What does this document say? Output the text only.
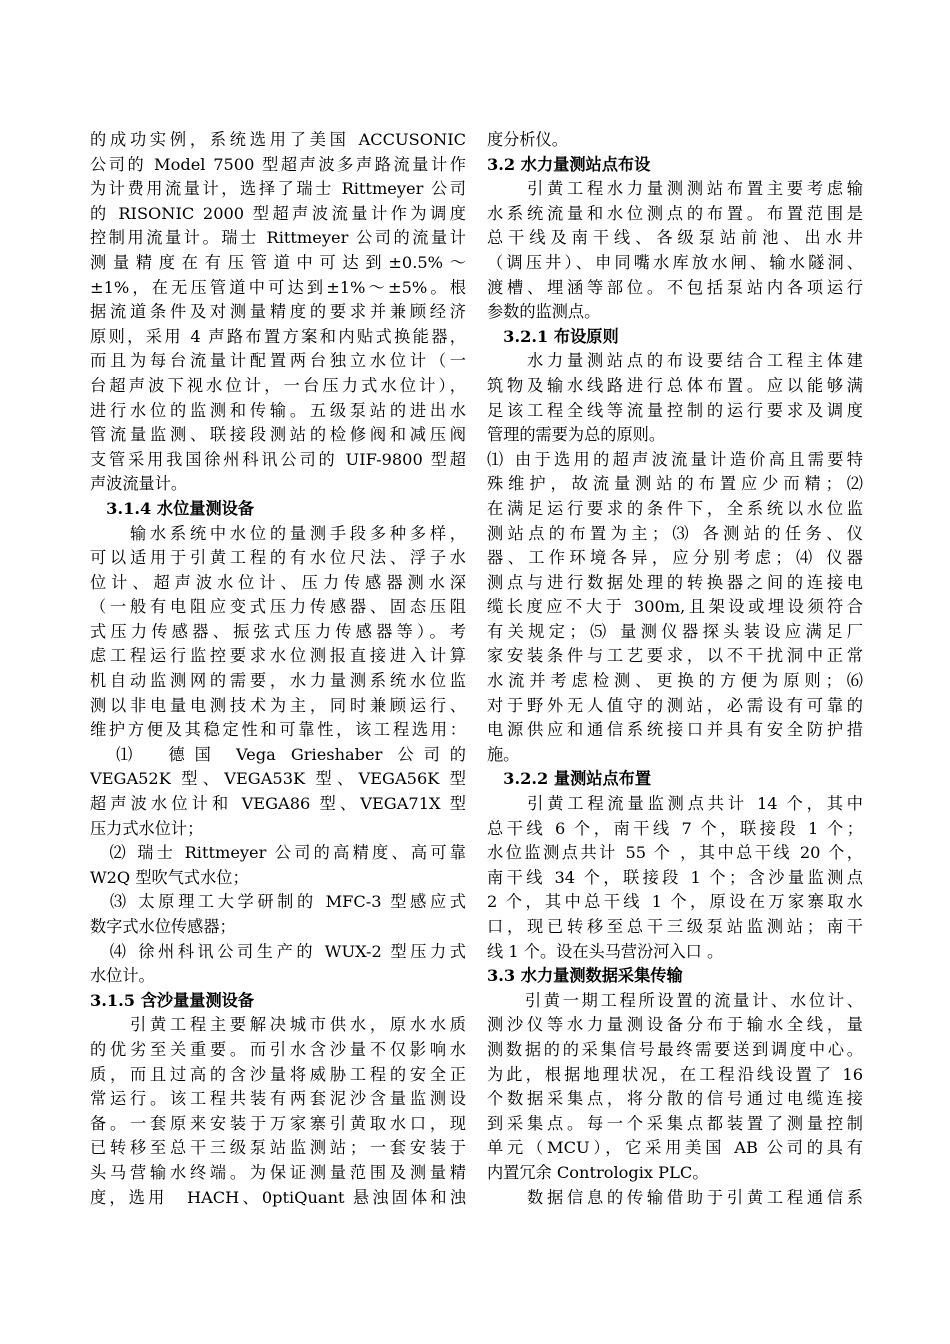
的成功实例，系统选用了美国 ACCUSONIC
公司的 Model 7500 型超声波多声路流量计作
为计费用流量计，选择了瑞士 Rittmeyer 公司
的 RISONIC 2000 型超声波流量计作为调度
控制用流量计。瑞士 Rittmeyer 公司的流量计
测量精度在有压管道中可达到±0.5%～
±1%，在无压管道中可达到±1%～±5%。根
据流道条件及对测量精度的要求并兼顾经济
原则，采用 4 声路布置方案和内贴式换能器，
而且为每台流量计配置两台独立水位计（一
台超声波下视水位计，一台压力式水位计），
进行水位的监测和传输。五级泵站的进出水
管流量监测、联接段测站的检修阀和减压阀
支管采用我国徐州科讯公司的 UIF-9800 型超
声波流量计。
　3.1.4 水位量测设备
　　输水系统中水位的量测手段多种多样，
可以适用于引黄工程的有水位尺法、浮子水
位计、超声波水位计、压力传感器测水深
（一般有电阻应变式压力传感器、固态压阻
式压力传感器、振弦式压力传感器等）。考
虑工程运行监控要求水位测报直接进入计算
机自动监测网的需要，水力量测系统水位监
测以非电量电测技术为主，同时兼顾运行、
维护方便及其稳定性和可靠性，该工程选用：
　⑴　德国 Vega Grieshaber 公司的
VEGA52K 型、VEGA53K 型、VEGA56K 型
超声波水位计和 VEGA86 型、VEGA71X 型
压力式水位计；
　⑵ 瑞士 Rittmeyer 公司的高精度、高可靠
W2Q 型吹气式水位；
　⑶ 太原理工大学研制的 MFC-3 型感应式
数字式水位传感器；
　⑷ 徐州科讯公司生产的 WUX-2 型压力式
水位计。
3.1.5 含沙量量测设备
　　引黄工程主要解决城市供水，原水水质
的优劣至关重要。而引水含沙量不仅影响水
质，而且过高的含沙量将威胁工程的安全正
常运行。该工程共装有两套泥沙含量监测设
备。一套原来安装于万家寨引黄取水口，现
已转移至总干三级泵站监测站；一套安装于
头马营输水终端。为保证测量范围及测量精
度，选用　HACH、0ptiQuant 悬浊固体和浊
度分析仪。
3.2 水力量测站点布设
　　引黄工程水力量测测站布置主要考虑输
水系统流量和水位测点的布置。布置范围是
总干线及南干线、各级泵站前池、出水井
（调压井）、申同嘴水库放水闸、输水隧洞、
渡槽、埋涵等部位。不包括泵站内各项运行
参数的监测点。
　3.2.1 布设原则
　　水力量测站点的布设要结合工程主体建
筑物及输水线路进行总体布置。应以能够满
足该工程全线等流量控制的运行要求及调度
管理的需要为总的原则。
⑴ 由于选用的超声波流量计造价高且需要特
殊维护，故流量测站的布置应少而精；⑵
在满足运行要求的条件下，全系统以水位监
测站点的布置为主；⑶ 各测站的任务、仪
器、工作环境各异，应分别考虑；⑷ 仪器
测点与进行数据处理的转换器之间的连接电
缆长度应不大于 300m,且架设或埋设须符合
有关规定；⑸ 量测仪器探头装设应满足厂
家安装条件与工艺要求，以不干扰洞中正常
水流并考虑检测、更换的方便为原则；⑹
对于野外无人值守的测站，必需设有可靠的
电源供应和通信系统接口并具有安全防护措
施。
　3.2.2 量测站点布置
　　引黄工程流量监测点共计 14 个，其中
总干线 6 个，南干线 7 个，联接段 1 个；
水位监测点共计 55 个 ，其中总干线 20 个，
南干线 34 个，联接段 1 个；含沙量监测点
2 个，其中总干线 1 个，原设在万家寨取水
口，现已转移至总干三级泵站监测站；南干
线 1 个。设在头马营汾河入口 。
3.3 水力量测数据采集传输
　　引黄一期工程所设置的流量计、水位计、
测沙仪等水力量测设备分布于输水全线，量
测数据的的采集信号最终需要送到调度中心。
为此，根据地理状况，在工程沿线设置了 16
个数据采集点，将分散的信号通过电缆连接
到采集点。每一个采集点都装置了测量控制
单元（MCU），它采用美国 AB 公司的具有
内置冗余 Contrologix PLC。
　　数据信息的传输借助于引黄工程通信系
